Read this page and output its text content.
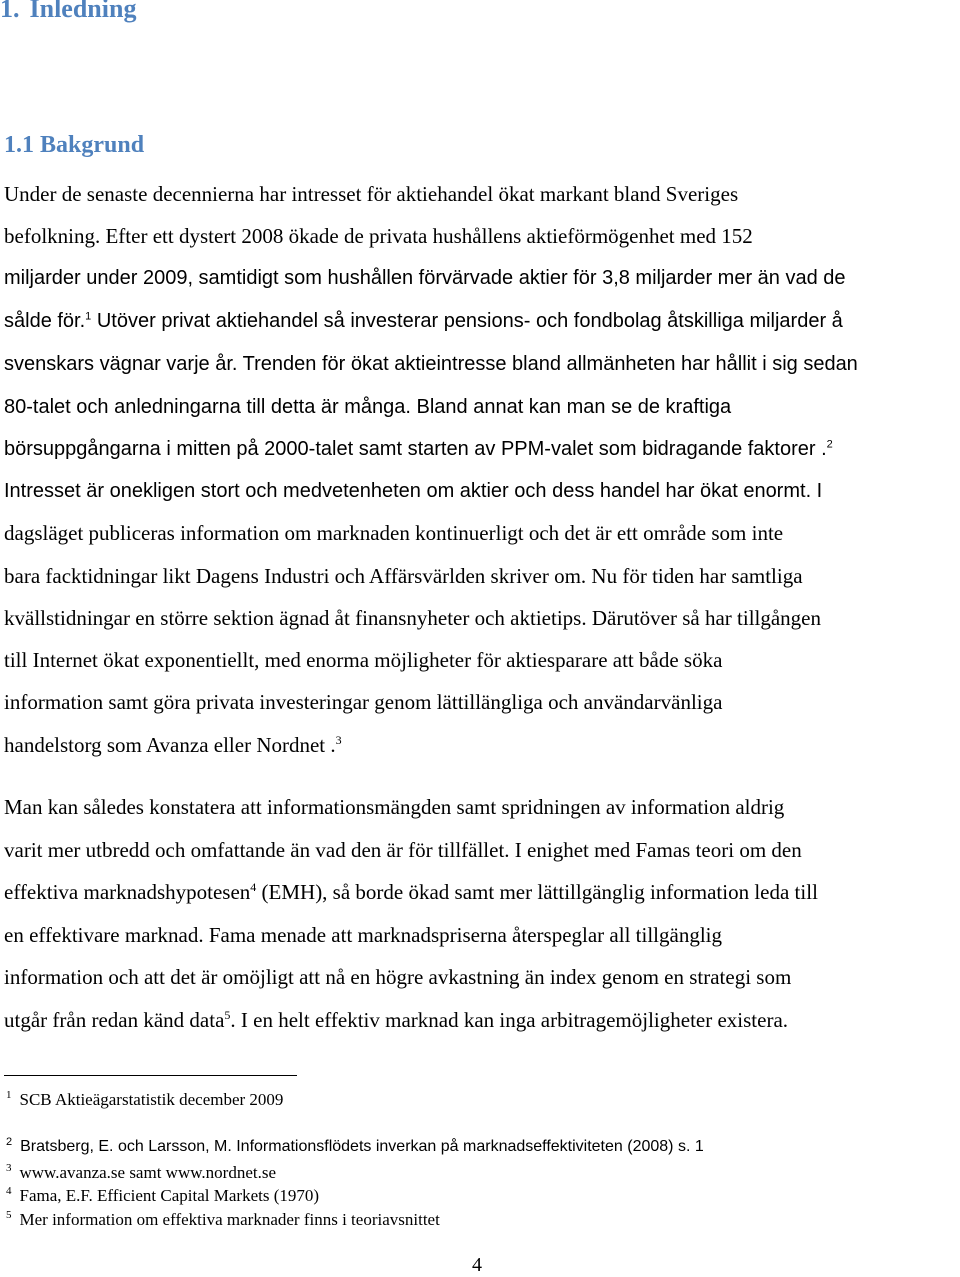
1. Inledning
1.1 Bakgrund
Under de senaste decennierna har intresset för aktiehandel ökat markant bland Sveriges
befolkning. Efter ett dystert 2008 ökade de privata hushållens aktieförmögenhet med 152
miljarder under 2009, samtidigt som hushållen förvärvade aktier för 3,8 miljarder mer än vad de
sålde för.$^1$ Utöver privat aktiehandel så investerar pensions- och fondbolag åtskilliga miljarder å
svenskars vägnar varje år. Trenden för ökat aktieintresse bland allmänheten har hållit i sig sedan
80-talet och anledningarna till detta är många. Bland annat kan man se de kraftiga
börsuppgångarna i mitten på 2000-talet samt starten av PPM-valet som bidragande faktorer .$^2$
Intresset är onekligen stort och medvetenheten om aktier och dess handel har ökat enormt. I
dagsläget publiceras information om marknaden kontinuerligt och det är ett område som inte
bara facktidningar likt Dagens Industri och Affärsvärlden skriver om. Nu för tiden har samtliga
kvällstidningar en större sektion ägnad åt finansnyheter och aktietips. Därutöver så har tillgången
till Internet ökat exponentiellt, med enorma möjligheter för aktiesparare att både söka
information samt göra privata investeringar genom lättillängliga och användarvänliga
handelstorg som Avanza eller Nordnet .$^3$
Man kan således konstatera att informationsmängden samt spridningen av information aldrig
varit mer utbredd och omfattande än vad den är för tillfället. I enighet med Famas teori om den
effektiva marknadshypotesen$^4$ (EMH), så borde ökad samt mer lättillgänglig information leda till
en effektivare marknad. Fama menade att marknadspriserna återspeglar all tillgänglig
information och att det är omöjligt att nå en högre avkastning än index genom en strategi som
utgår från redan känd data$^5$. I en helt effektiv marknad kan inga arbitragemöjligheter existera.
$^1$ SCB Aktieägarstatistik december 2009
$^2$ Bratsberg, E. och Larsson, M. Informationsflödets inverkan på marknadseffektiviteten (2008) s. 1
$^3$ www.avanza.se samt www.nordnet.se
$^4$ Fama, E.F. Efficient Capital Markets (1970)
$^5$ Mer information om effektiva marknader finns i teoriavsnittet
4
